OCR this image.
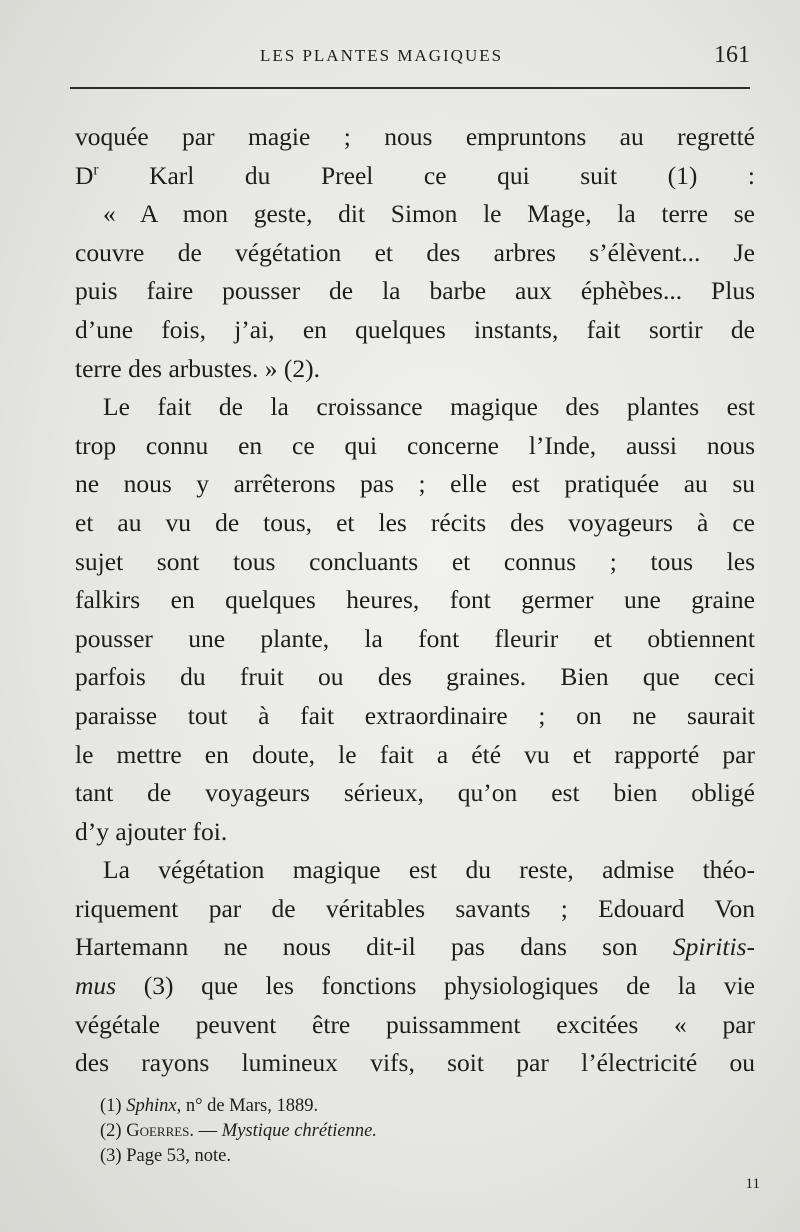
LES PLANTES MAGIQUES	161
voquée par magie ; nous empruntons au regretté
$D^r$ Karl du Preel ce qui suit (1) :
« A mon geste, dit Simon le Mage, la terre se
couvre de végétation et des arbres s’élèvent... Je
puis faire pousser de la barbe aux éphèbes... Plus
d’une fois, j’ai, en quelques instants, fait sortir de
terre des arbustes. » (2).
Le fait de la croissance magique des plantes est
trop connu en ce qui concerne l’Inde, aussi nous
ne nous y arrêterons pas ; elle est pratiquée au su
et au vu de tous, et les récits des voyageurs à ce
sujet sont tous concluants et connus ; tous les
falkirs en quelques heures, font germer une graine
pousser une plante, la font fleurir et obtiennent
parfois du fruit ou des graines. Bien que ceci
paraisse tout à fait extraordinaire ; on ne saurait
le mettre en doute, le fait a été vu et rapporté par
tant de voyageurs sérieux, qu’on est bien obligé
d’y ajouter foi.
La végétation magique est du reste, admise théo-
riquement par de véritables savants ; Edouard Von
Hartemann ne nous dit-il pas dans son Spiritis-
mus (3) que les fonctions physiologiques de la vie
végétale peuvent être puissamment excitées « par
des rayons lumineux vifs, soit par l’électricité ou
(1) Sphinx, n° de Mars, 1889.
(2) Goerres. — Mystique chrétienne.
(3) Page 53, note.
11
